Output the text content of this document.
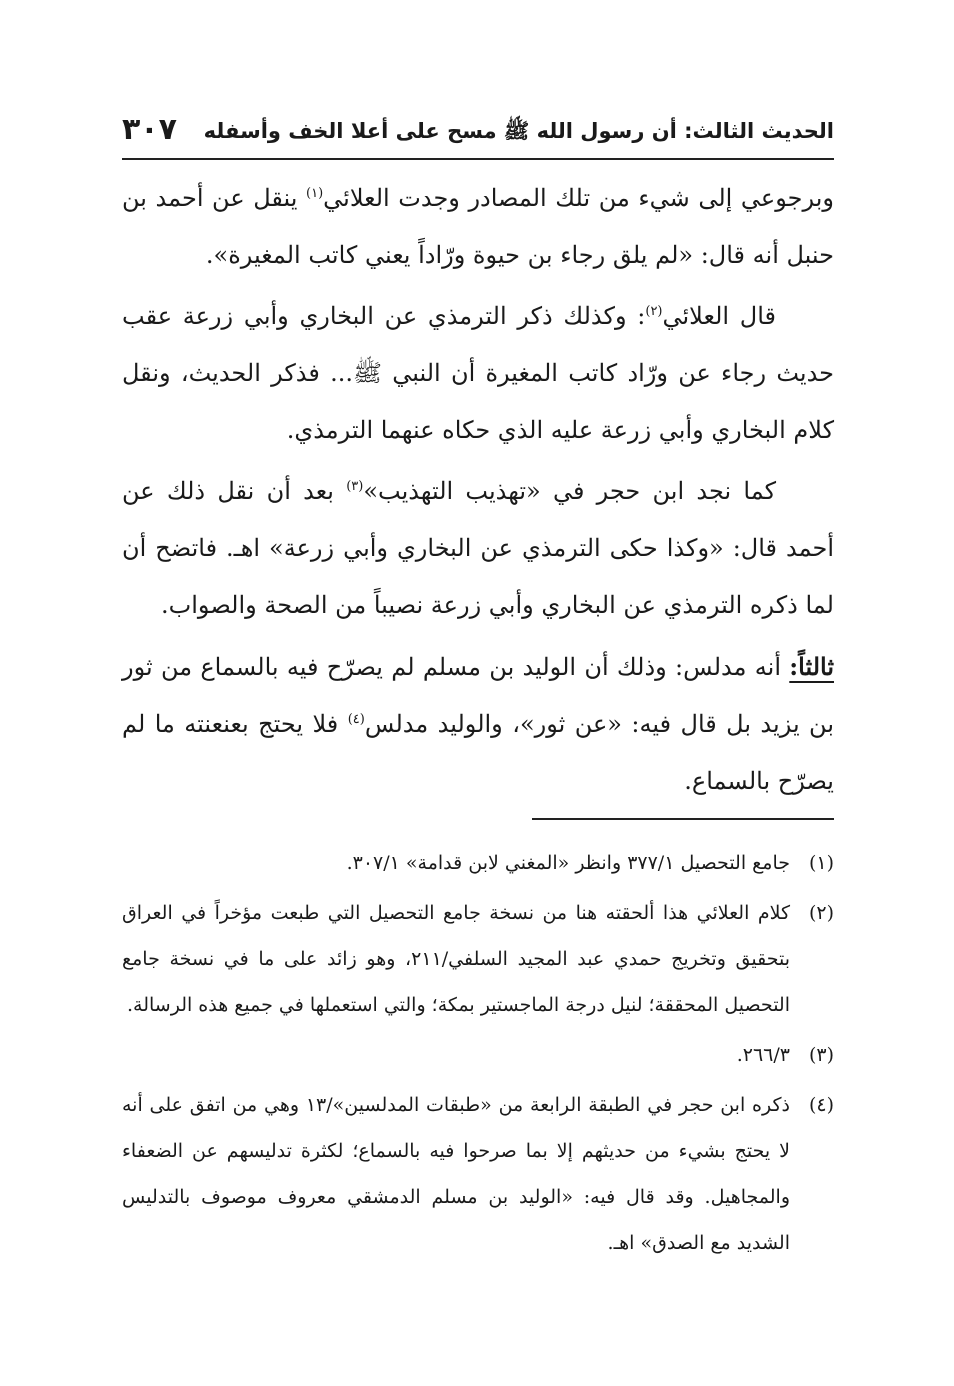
٣٠٧ الحديث الثالث: أن رسول الله ﷺ مسح على أعلا الخف وأسفله

وبرجوعي إلى شيء من تلك المصادر وجدت العلائي$^{(١)}$ ينقل عن أحمد بن حنبل أنه قال: «لم يلق رجاء بن حيوة ورّاداً يعني كاتب المغيرة».

قال العلائي$^{(٢)}$: وكذلك ذكر الترمذي عن البخاري وأبي زرعة عقب حديث رجاء عن ورّاد كاتب المغيرة أن النبي ﷺ... فذكر الحديث، ونقل كلام البخاري وأبي زرعة عليه الذي حكاه عنهما الترمذي.

كما نجد ابن حجر في «تهذيب التهذيب»$^{(٣)}$ بعد أن نقل ذلك عن أحمد قال: «وكذا حكى الترمذي عن البخاري وأبي زرعة» اهـ. فاتضح أن لما ذكره الترمذي عن البخاري وأبي زرعة نصيباً من الصحة والصواب.

ثالثاً: أنه مدلس: وذلك أن الوليد بن مسلم لم يصرّح فيه بالسماع من ثور بن يزيد بل قال فيه: «عن ثور»، والوليد مدلس$^{(٤)}$ فلا يحتج بعنعنته ما لم يصرّح بالسماع.

(١)
جامع التحصيل ٣٧٧/١ وانظر «المغني لابن قدامة» ٣٠٧/١.
(٢)
كلام العلائي هذا ألحقته هنا من نسخة جامع التحصيل التي طبعت مؤخراً في العراق بتحقيق وتخريج حمدي عبد المجيد السلفي/٢١١، وهو زائد على ما في نسخة جامع التحصيل المحققة؛ لنيل درجة الماجستير بمكة؛ والتي استعملها في جميع هذه الرسالة.
(٣)
٢٦٦/٣.
(٤)
ذكره ابن حجر في الطبقة الرابعة من «طبقات المدلسين»/١٣ وهي من اتفق على أنه لا يحتج بشيء من حديثهم إلا بما صرحوا فيه بالسماع؛ لكثرة تدليسهم عن الضعفاء والمجاهيل. وقد قال فيه: «الوليد بن مسلم الدمشقي معروف موصوف بالتدليس الشديد مع الصدق» اهـ.
